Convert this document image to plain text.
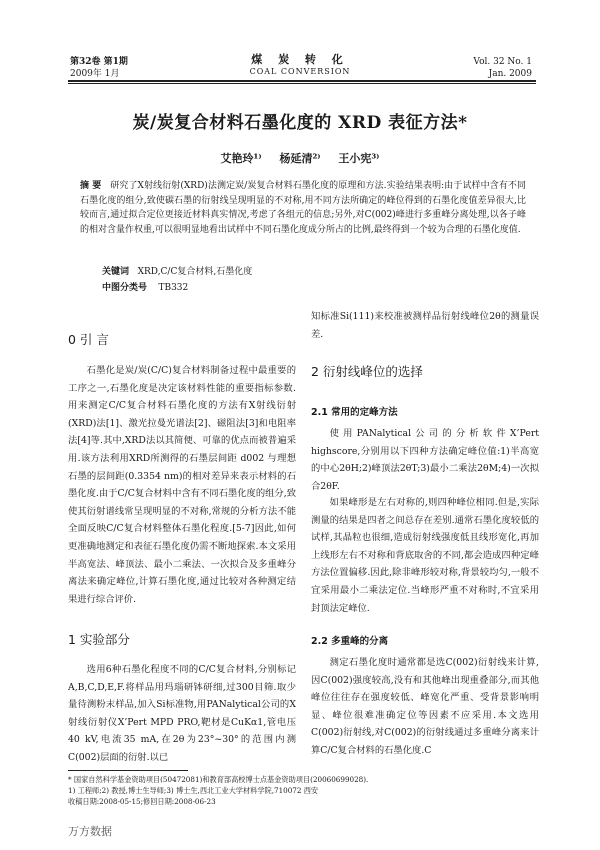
第32卷 第1期
2009年 1月
煤 炭 转 化
COAL CONVERSION
Vol. 32 No. 1
Jan. 2009
炭/炭复合材料石墨化度的 XRD 表征方法*
艾艳玲¹⁾ 杨延清²⁾ 王小宪³⁾
摘 要 研究了X射线衍射(XRD)法测定炭/炭复合材料石墨化度的原理和方法.实验结果表明:由于试样中含有不同石墨化度的组分,致使碳石墨的衍射线呈现明显的不对称,用不同方法所确定的峰位得到的石墨化度值差异很大,比较而言,通过拟合定位更接近材料真实情况,考虑了各组元的信息;另外,对C(002)峰进行多重峰分离处理,以各子峰的相对含量作权重,可以很明显地看出试样中不同石墨化度成分所占的比例,最终得到一个较为合理的石墨化度值.
关键词 XRD,C/C复合材料,石墨化度
中图分类号 TB332
0 引 言
石墨化是炭/炭(C/C)复合材料制备过程中最重要的工序之一,石墨化度是决定该材料性能的重要指标参数.用来测定C/C复合材料石墨化度的方法有X射线衍射(XRD)法[1]、激光拉曼光谱法[2]、磁阻法[3]和电阻率法[4]等.其中,XRD法以其简便、可靠的优点而被普遍采用.该方法利用XRD所测得的石墨层间距 d002 与理想石墨的层间距(0.3354 nm)的相对差异来表示材料的石墨化度.由于C/C复合材料中含有不同石墨化度的组分,致使其衍射谱线常呈现明显的不对称,常规的分析方法不能全面反映C/C复合材料整体石墨化程度.[5-7]因此,如何更准确地测定和表征石墨化度仍需不断地探索.本文采用半高宽法、峰顶法、最小二乘法、一次拟合及多重峰分离法来确定峰位,计算石墨化度,通过比较对各种测定结果进行综合评价.
1 实验部分
选用6种石墨化程度不同的C/C复合材料,分别标记A,B,C,D,E,F.将样品用玛瑙研钵研细,过300目筛.取少量待测粉末样品,加入Si标准物,用PANalytical公司的X射线衍射仪X’Pert MPD PRO,靶材是CuKα1,管电压40 kV,电流35 mA,在2θ为23°~30°的范围内测C(002)层面的衍射.以已
知标准Si(111)来校准被测样品衍射线峰位2θ的测量误差.
2 衍射线峰位的选择
2.1 常用的定峰方法
使用PANalytical公司的分析软件X’Pert highscore,分别用以下四种方法确定峰位值:1)半高宽的中心2θH;2)峰顶法2θT;3)最小二乘法2θM;4)一次拟合2θF.
如果峰形是左右对称的,则四种峰位相同.但是,实际测量的结果是四者之间总存在差别.通常石墨化度较低的试样,其晶粒也很细,造成衍射线强度低且线形宽化,再加上线形左右不对称和背底取舍的不同,都会造成四种定峰方法位置偏移.因此,除非峰形较对称,背景较均匀,一般不宜采用最小二乘法定位.当峰形严重不对称时,不宜采用封顶法定峰位.
2.2 多重峰的分离
测定石墨化度时通常都是选C(002)衍射线来计算,因C(002)强度较高,没有和其他峰出现重叠部分,而其他峰位往往存在强度较低、峰宽化严重、受背景影响明显、峰位很难准确定位等因素不应采用.本文选用C(002)衍射线,对C(002)的衍射线通过多重峰分离来计算C/C复合材料的石墨化度.C
* 国家自然科学基金资助项目(50472081)和教育部高校博士点基金资助项目(20060699028).
1) 工程师;2) 教授,博士生导师;3) 博士生,西北工业大学材料学院,710072 西安
收稿日期:2008-05-15;修回日期:2008-06-23
万方数据
